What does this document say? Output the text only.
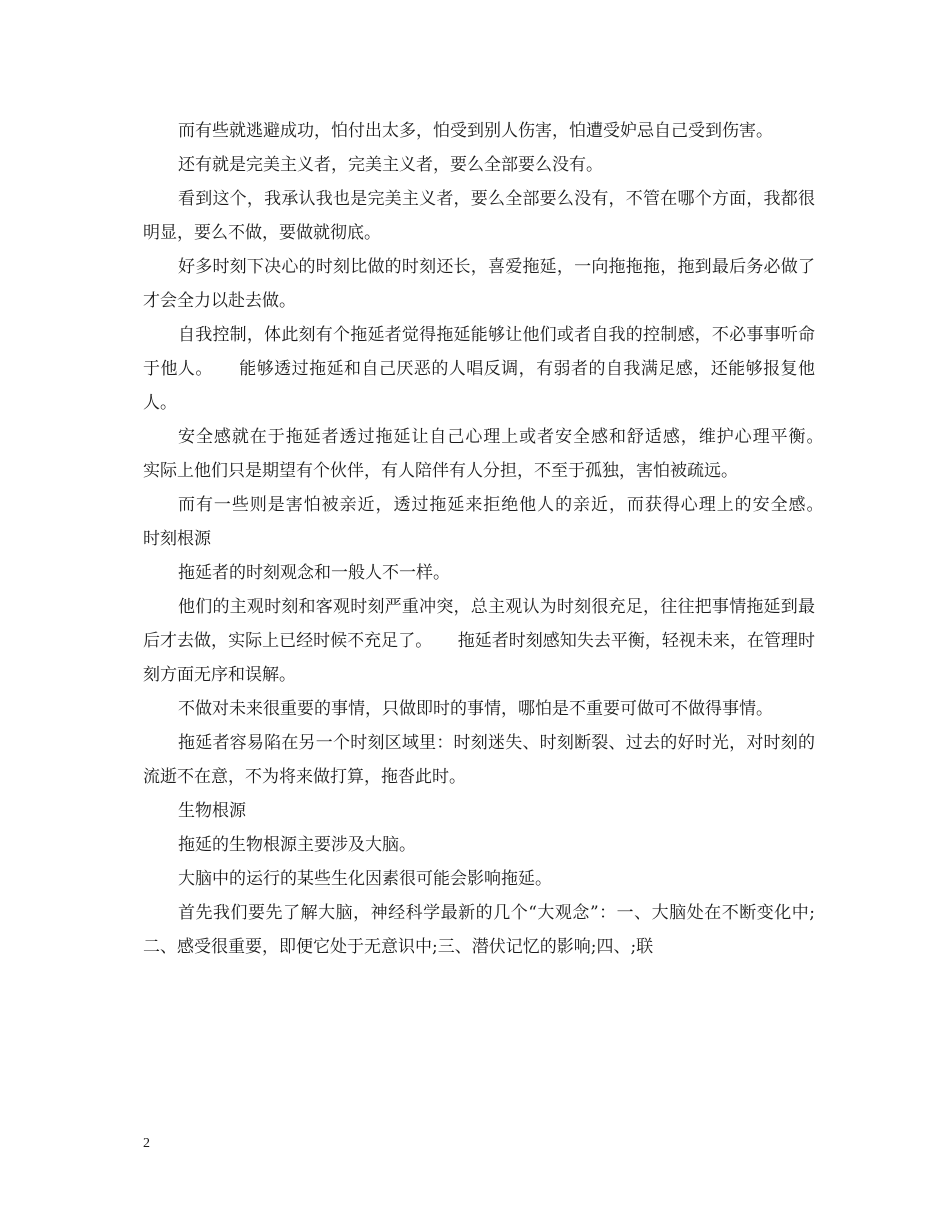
而有些就逃避成功，怕付出太多，怕受到别人伤害，怕遭受妒忌自己受到伤害。

还有就是完美主义者，完美主义者，要么全部要么没有。

看到这个，我承认我也是完美主义者，要么全部要么没有，不管在哪个方面，我都很明显，要么不做，要做就彻底。

好多时刻下决心的时刻比做的时刻还长，喜爱拖延，一向拖拖拖，拖到最后务必做了才会全力以赴去做。

自我控制，体此刻有个拖延者觉得拖延能够让他们或者自我的控制感，不必事事听命于他人。　　能够透过拖延和自己厌恶的人唱反调，有弱者的自我满足感，还能够报复他人。

安全感就在于拖延者透过拖延让自己心理上或者安全感和舒适感，维护心理平衡。　　实际上他们只是期望有个伙伴，有人陪伴有人分担，不至于孤独，害怕被疏远。

而有一些则是害怕被亲近，透过拖延来拒绝他人的亲近，而获得心理上的安全感。　　时刻根源

拖延者的时刻观念和一般人不一样。

他们的主观时刻和客观时刻严重冲突，总主观认为时刻很充足，往往把事情拖延到最后才去做，实际上已经时候不充足了。　　拖延者时刻感知失去平衡，轻视未来，在管理时刻方面无序和误解。

不做对未来很重要的事情，只做即时的事情，哪怕是不重要可做可不做得事情。

拖延者容易陷在另一个时刻区域里：时刻迷失、时刻断裂、过去的好时光，对时刻的流逝不在意，不为将来做打算，拖沓此时。

生物根源

拖延的生物根源主要涉及大脑。

大脑中的运行的某些生化因素很可能会影响拖延。

首先我们要先了解大脑，神经科学最新的几个“大观念”：一、大脑处在不断变化中;二、感受很重要，即便它处于无意识中;三、潜伏记忆的影响;四、;联

2
